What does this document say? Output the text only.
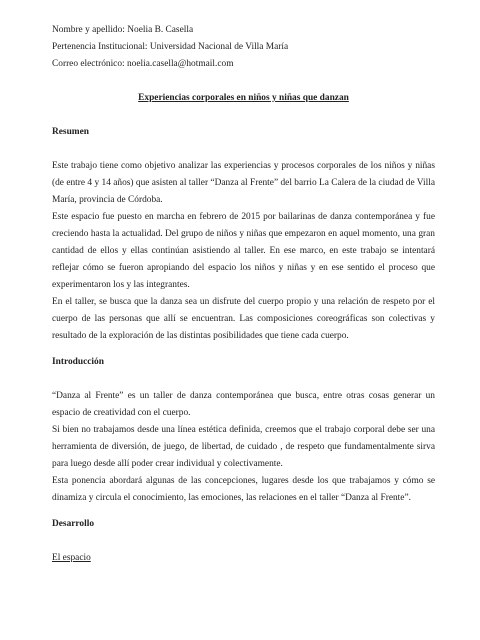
Nombre y apellido: Noelia B. Casella

Pertenencia Institucional: Universidad Nacional de Villa María

Correo electrónico: noelia.casella@hotmail.com

Experiencias corporales en niños y niñas que danzan

Resumen

Este trabajo tiene como objetivo analizar las experiencias y procesos corporales de los niños y niñas (de entre 4 y 14 años) que asisten al taller “Danza al Frente” del barrio La Calera de la ciudad de Villa María, provincia de Córdoba.

Este espacio fue puesto en marcha en febrero de 2015 por bailarinas de danza contemporánea y fue creciendo hasta la actualidad. Del grupo de niños y niñas que empezaron en aquel momento, una gran cantidad de ellos y ellas continúan asistiendo al taller. En ese marco, en este trabajo se intentará reflejar cómo se fueron apropiando del espacio los niños y niñas y en ese sentido el proceso que experimentaron los y las integrantes.

En el taller, se busca que la danza sea un disfrute del cuerpo propio y una relación de respeto por el cuerpo de las personas que allí se encuentran. Las composiciones coreográficas son colectivas y resultado de la exploración de las distintas posibilidades que tiene cada cuerpo.

Introducción

“Danza al Frente” es un taller de danza contemporánea que busca, entre otras cosas generar un espacio de creatividad con el cuerpo.

Si bien no trabajamos desde una línea estética definida, creemos que el trabajo corporal debe ser una herramienta de diversión, de juego, de libertad, de cuidado , de respeto que fundamentalmente sirva para luego desde allí poder crear individual y colectivamente.

Esta ponencia abordará algunas de las concepciones, lugares desde los que trabajamos y cómo se dinamiza y circula el conocimiento, las emociones, las relaciones en el taller “Danza al Frente”.

Desarrollo

El espacio
